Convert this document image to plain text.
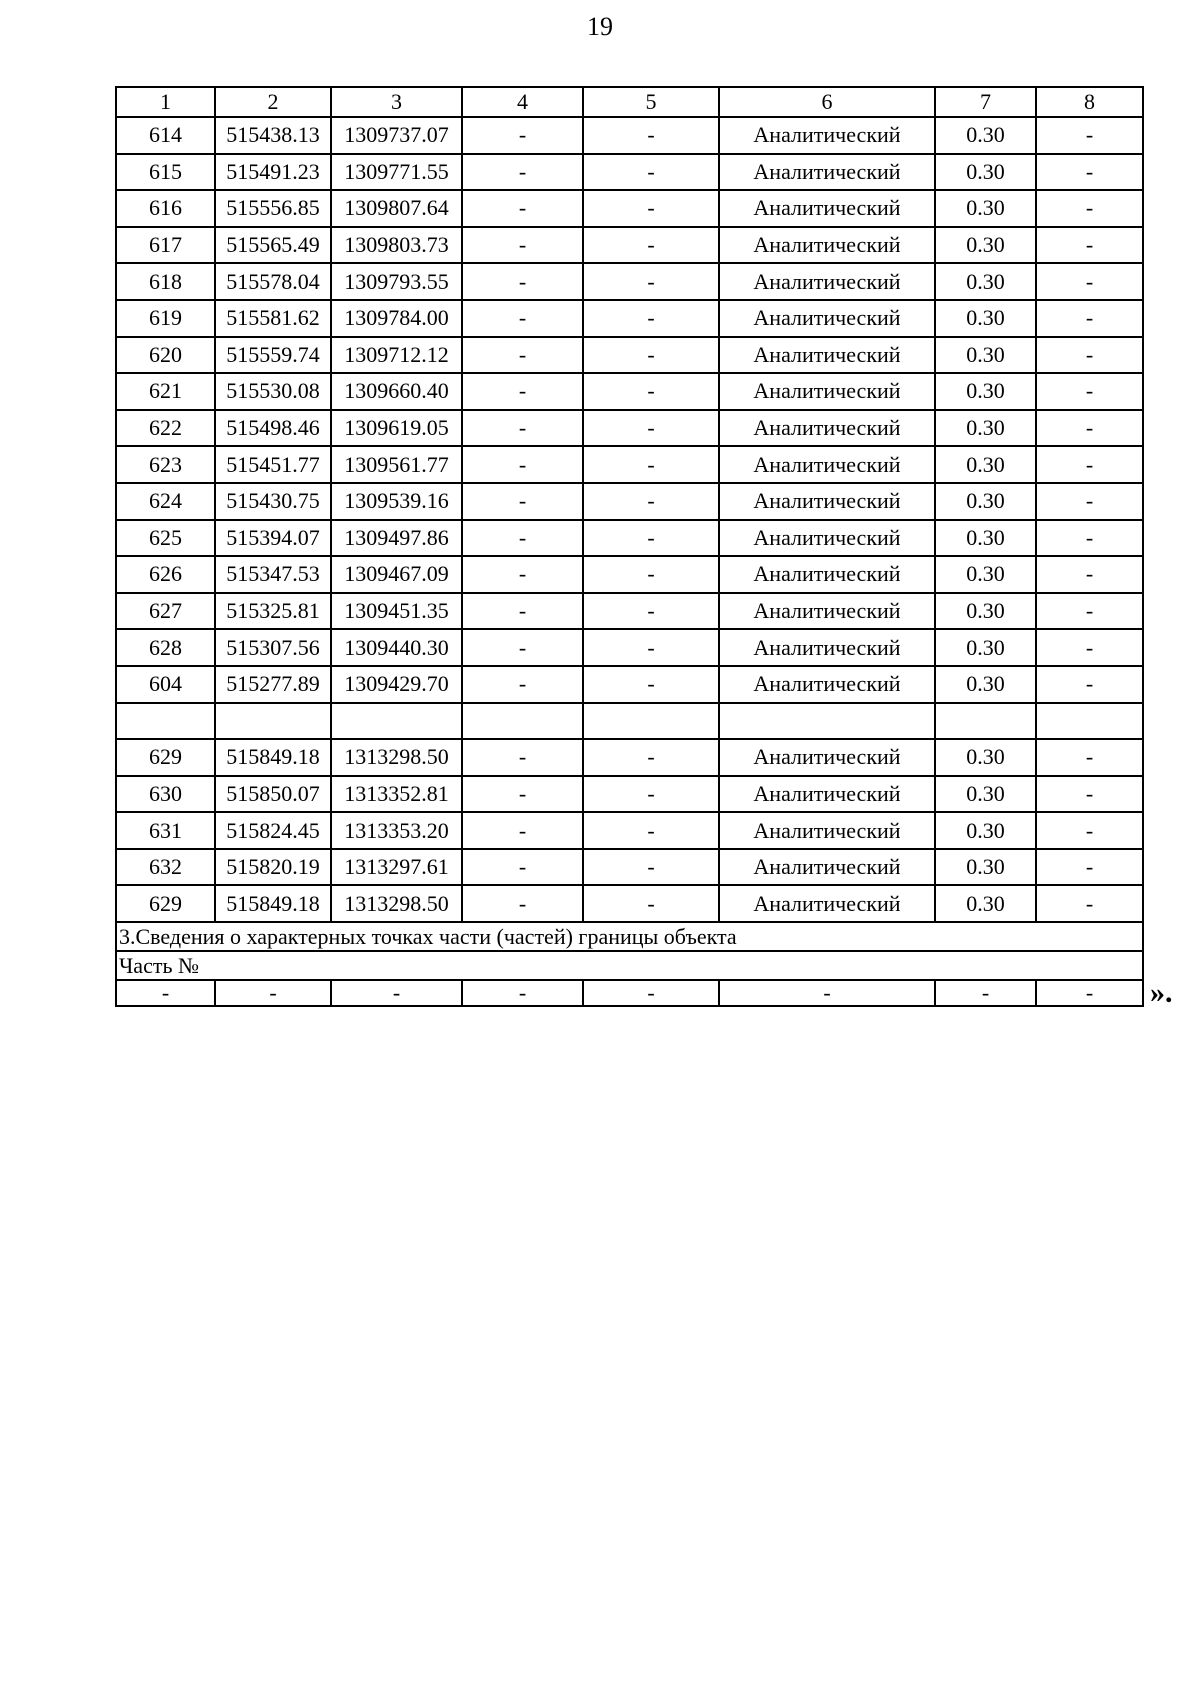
19
1	2	3	4	5	6	7	8
614	515438.13	1309737.07	-	-	Аналитический	0.30	-
615	515491.23	1309771.55	-	-	Аналитический	0.30	-
616	515556.85	1309807.64	-	-	Аналитический	0.30	-
617	515565.49	1309803.73	-	-	Аналитический	0.30	-
618	515578.04	1309793.55	-	-	Аналитический	0.30	-
619	515581.62	1309784.00	-	-	Аналитический	0.30	-
620	515559.74	1309712.12	-	-	Аналитический	0.30	-
621	515530.08	1309660.40	-	-	Аналитический	0.30	-
622	515498.46	1309619.05	-	-	Аналитический	0.30	-
623	515451.77	1309561.77	-	-	Аналитический	0.30	-
624	515430.75	1309539.16	-	-	Аналитический	0.30	-
625	515394.07	1309497.86	-	-	Аналитический	0.30	-
626	515347.53	1309467.09	-	-	Аналитический	0.30	-
627	515325.81	1309451.35	-	-	Аналитический	0.30	-
628	515307.56	1309440.30	-	-	Аналитический	0.30	-
604	515277.89	1309429.70	-	-	Аналитический	0.30	-

629	515849.18	1313298.50	-	-	Аналитический	0.30	-
630	515850.07	1313352.81	-	-	Аналитический	0.30	-
631	515824.45	1313353.20	-	-	Аналитический	0.30	-
632	515820.19	1313297.61	-	-	Аналитический	0.30	-
629	515849.18	1313298.50	-	-	Аналитический	0.30	-
3.Сведения о характерных точках части (частей) границы объекта							
Часть №							
-	-	-	-	-	-	-	- ».
